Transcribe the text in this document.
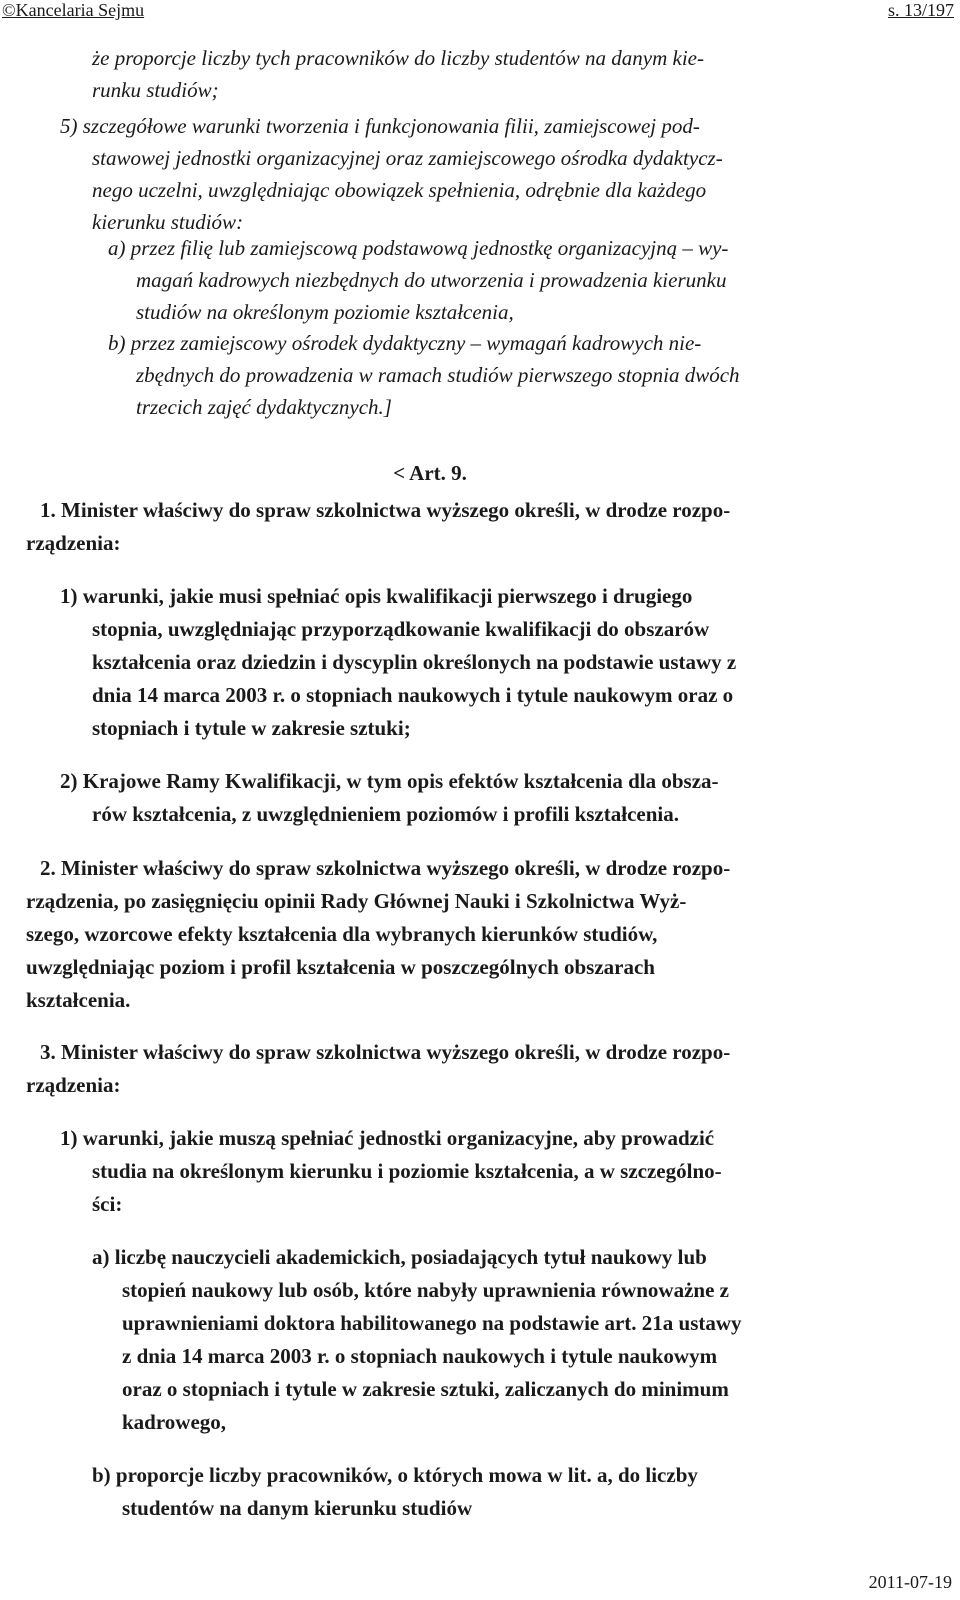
©Kancelaria Sejmu	s. 13/197
że proporcje liczby tych pracowników do liczby studentów na danym kie-
runku studiów;
5) szczegółowe warunki tworzenia i funkcjonowania filii, zamiejscowej pod-
stawowej jednostki organizacyjnej oraz zamiejscowego ośrodka dydaktycz-
nego uczelni, uwzględniając obowiązek spełnienia, odrębnie dla każdego
kierunku studiów:
a) przez filię lub zamiejscową podstawową jednostkę organizacyjną – wy-
magań kadrowych niezbędnych do utworzenia i prowadzenia kierunku
studiów na określonym poziomie kształcenia,
b) przez zamiejscowy ośrodek dydaktyczny – wymagań kadrowych nie-
zbędnych do prowadzenia w ramach studiów pierwszego stopnia dwóch
trzecich zajęć dydaktycznych.]
< Art. 9.
1. Minister właściwy do spraw szkolnictwa wyższego określi, w drodze rozpo-
rządzenia:
1) warunki, jakie musi spełniać opis kwalifikacji pierwszego i drugiego
stopnia, uwzględniając przyporządkowanie kwalifikacji do obszarów
kształcenia oraz dziedzin i dyscyplin określonych na podstawie ustawy z
dnia 14 marca 2003 r. o stopniach naukowych i tytule naukowym oraz o
stopniach i tytule w zakresie sztuki;
2) Krajowe Ramy Kwalifikacji, w tym opis efektów kształcenia dla obsza-
rów kształcenia, z uwzględnieniem poziomów i profili kształcenia.
2. Minister właściwy do spraw szkolnictwa wyższego określi, w drodze rozpo-
rządzenia, po zasięgnięciu opinii Rady Głównej Nauki i Szkolnictwa Wyż-
szego, wzorcowe efekty kształcenia dla wybranych kierunków studiów,
uwzględniając poziom i profil kształcenia w poszczególnych obszarach
kształcenia.
3. Minister właściwy do spraw szkolnictwa wyższego określi, w drodze rozpo-
rządzenia:
1) warunki, jakie muszą spełniać jednostki organizacyjne, aby prowadzić
studia na określonym kierunku i poziomie kształcenia, a w szczególno-
ści:
a) liczbę nauczycieli akademickich, posiadających tytuł naukowy lub
stopień naukowy lub osób, które nabyły uprawnienia równoważne z
uprawnieniami doktora habilitowanego na podstawie art. 21a ustawy
z dnia 14 marca 2003 r. o stopniach naukowych i tytule naukowym
oraz o stopniach i tytule w zakresie sztuki, zaliczanych do minimum
kadrowego,
b) proporcje liczby pracowników, o których mowa w lit. a, do liczby
studentów na danym kierunku studiów
2011-07-19
